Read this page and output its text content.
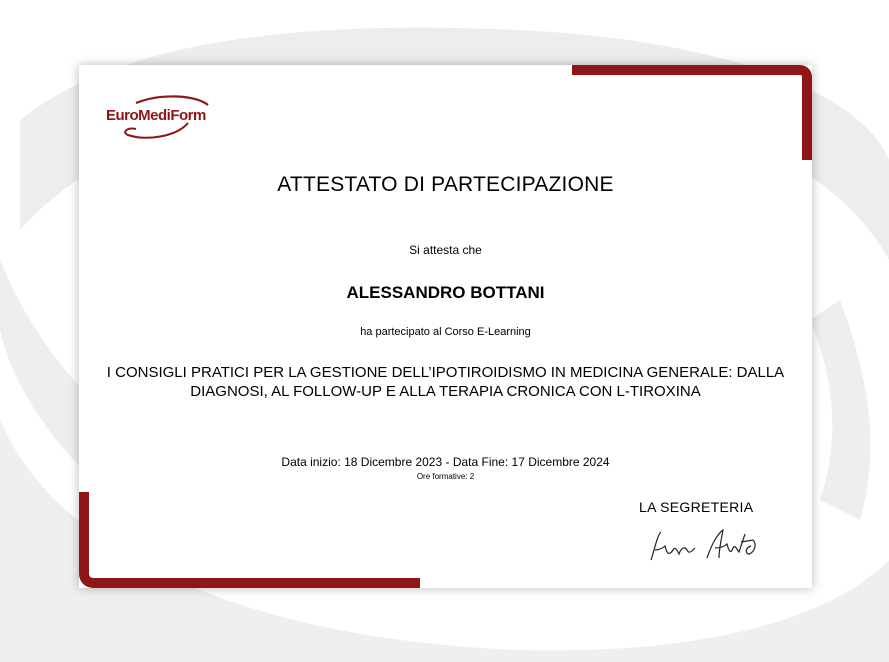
EuroMediForm
ATTESTATO DI PARTECIPAZIONE
Si attesta che
ALESSANDRO BOTTANI
ha partecipato al Corso E-Learning
I CONSIGLI PRATICI PER LA GESTIONE DELL’IPOTIROIDISMO IN MEDICINA GENERALE: DALLA DIAGNOSI, AL FOLLOW-UP E ALLA TERAPIA CRONICA CON L-TIROXINA
Data inizio: 18 Dicembre 2023 - Data Fine: 17 Dicembre 2024
Ore formative: 2
LA SEGRETERIA
